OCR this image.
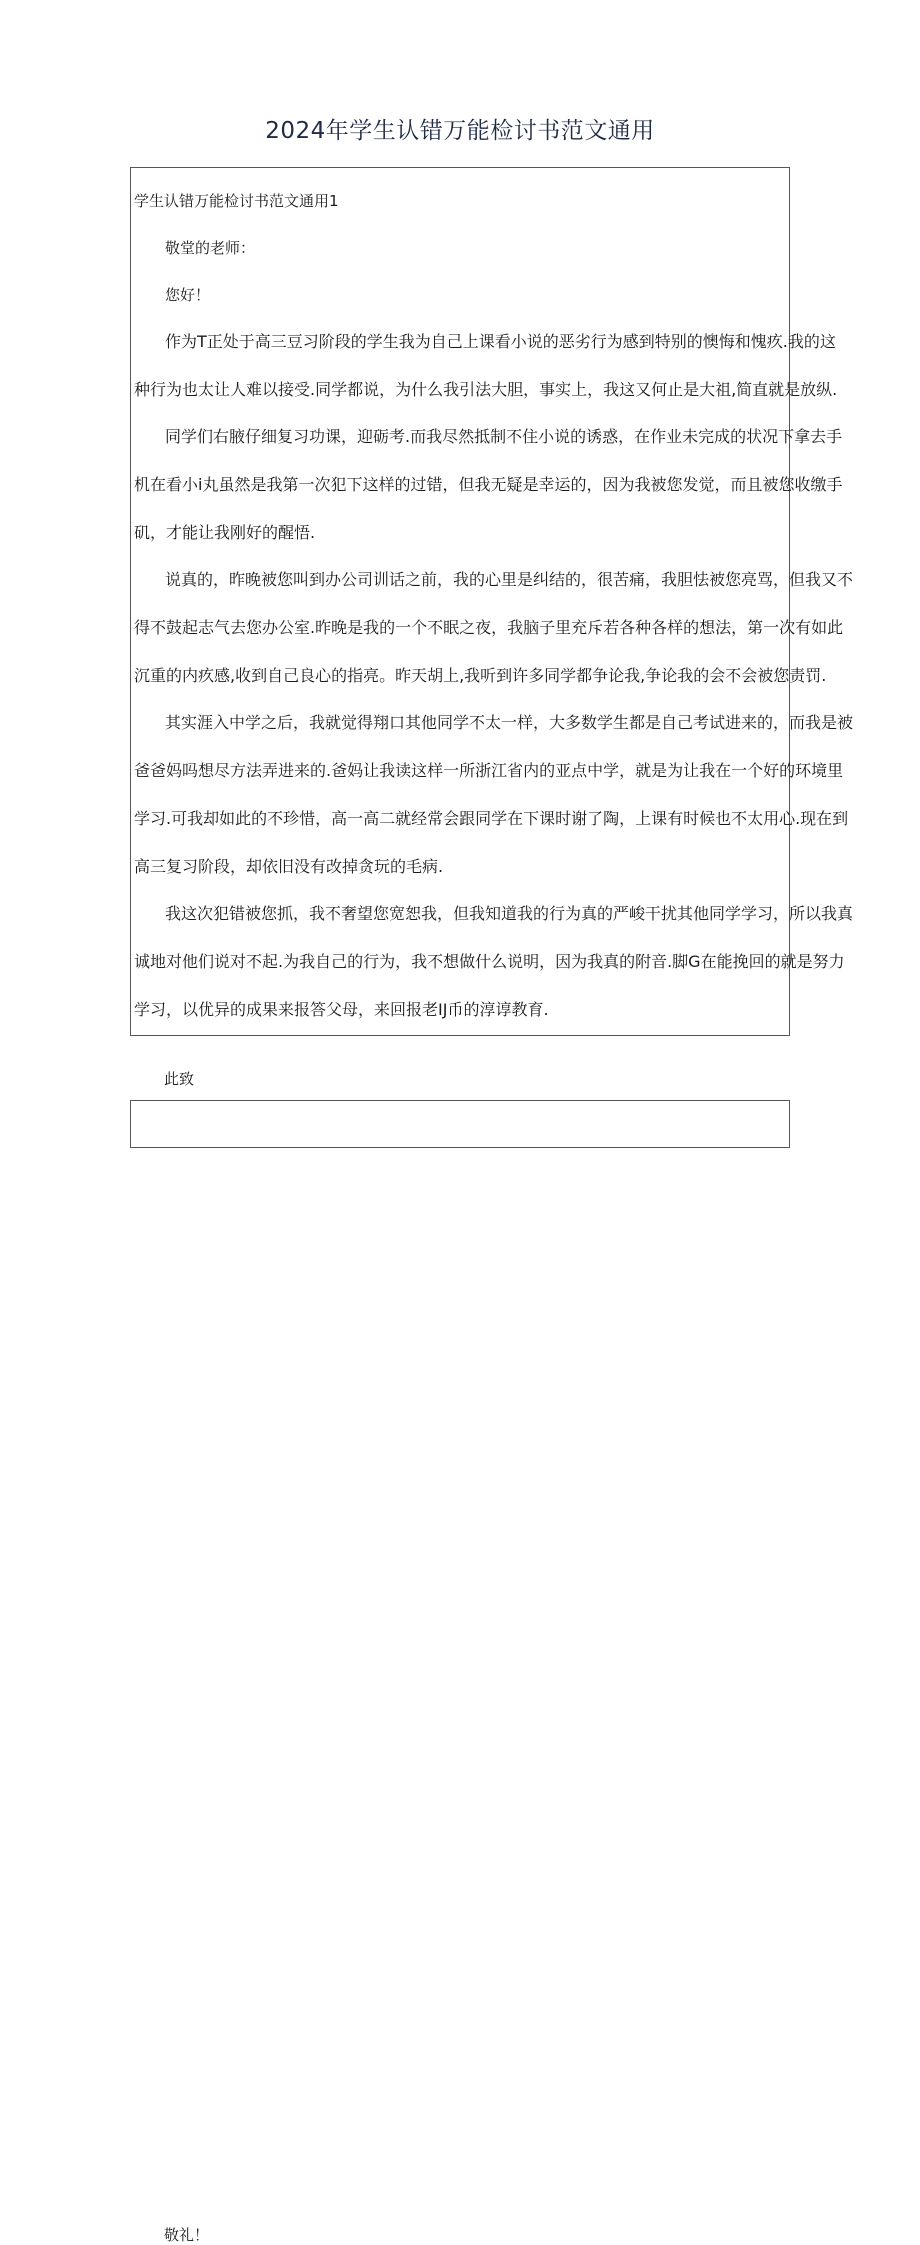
2024年学生认错万能检讨书范文通用

学生认错万能检讨书范文通用1

敬堂的老师：

您好！

作为T正处于高三豆习阶段的学生我为自己上课看小说的恶劣行为感到特别的懊悔和愧疚.我的这
种行为也太让人难以接受.同学都说，为什么我引法大胆，事实上，我这又何止是大祖,简直就是放纵.
同学们右腋仔细复习功课，迎砺考.而我尽然抵制不住小说的诱惑，在作业未完成的状况下拿去手
机在看小i丸虽然是我第一次犯下这样的过错，但我无疑是幸运的，因为我被您发觉，而且被您收缴手
矶，才能让我刚好的醒悟.
说真的，昨晚被您叫到办公司训话之前，我的心里是纠结的，很苦痛，我胆怯被您亮骂，但我又不
得不鼓起志气去您办公室.昨晚是我的一个不眠之夜，我脑子里充斥若各种各样的想法，第一次有如此
沉重的内疚感,收到自己良心的指亮。昨天胡上,我听到许多同学都争论我,争论我的会不会被您责罚.
其实涯入中学之后，我就觉得翔口其他同学不太一样，大多数学生都是自己考试进来的，而我是被
爸爸妈吗想尽方法弄进来的.爸妈让我读这样一所浙江省内的亚点中学，就是为让我在一个好的环境里
学习.可我却如此的不珍惜，高一高二就经常会跟同学在下课时谢了陶，上课有时候也不太用心.现在到
高三复习阶段，却依旧没有改掉贪玩的毛病.
我这次犯错被您抓，我不奢望您宽恕我，但我知道我的行为真的严峻干扰其他同学学习，所以我真
诚地对他们说对不起.为我自己的行为，我不想做什么说明，因为我真的附音.脚G在能挽回的就是努力
学习，以优异的成果来报答父母，来回报老IJ币的淳谆教育.

此致

敬礼！
